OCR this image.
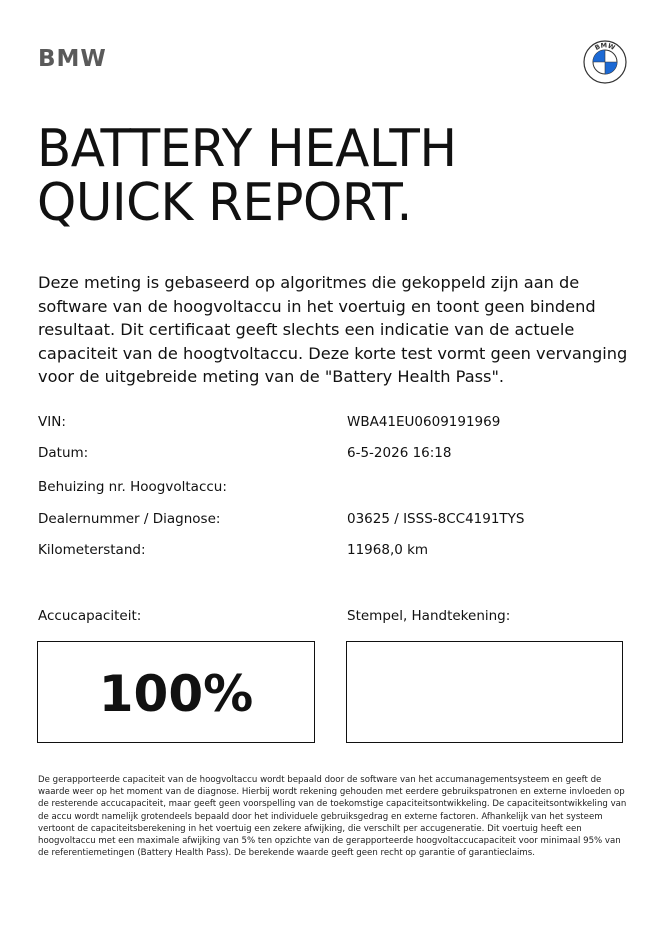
BMW	BMW
BATTERY HEALTH
QUICK REPORT.

Deze meting is gebaseerd op algoritmes die gekoppeld zijn aan de software van de hoogvoltaccu in het voertuig en toont geen bindend resultaat. Dit certificaat geeft slechts een indicatie van de actuele capaciteit van de hoogtvoltaccu. Deze korte test vormt geen vervanging voor de uitgebreide meting van de "Battery Health Pass".

VIN:	WBA41EU0609191969
Datum:	6-5-2026 16:18
Behuizing nr. Hoogvoltaccu:
Dealernummer / Diagnose:	03625 / ISSS-8CC4191TYS
Kilometerstand:	11968,0 km
Accucapaciteit:	Stempel, Handtekening:
100%

De gerapporteerde capaciteit van de hoogvoltaccu wordt bepaald door de software van het accumanagementsysteem en geeft de waarde weer op het moment van de diagnose. Hierbij wordt rekening gehouden met eerdere gebruikspatronen en externe invloeden op de resterende accucapaciteit, maar geeft geen voorspelling van de toekomstige capaciteitsontwikkeling. De capaciteitsontwikkeling van de accu wordt namelijk grotendeels bepaald door het individuele gebruiksgedrag en externe factoren. Afhankelijk van het systeem vertoont de capaciteitsberekening in het voertuig een zekere afwijking, die verschilt per accugeneratie. Dit voertuig heeft een hoogvoltaccu met een maximale afwijking van 5% ten opzichte van de gerapporteerde hoogvoltaccucapaciteit voor minimaal 95% van de referentiemetingen (Battery Health Pass). De berekende waarde geeft geen recht op garantie of garantieclaims.
